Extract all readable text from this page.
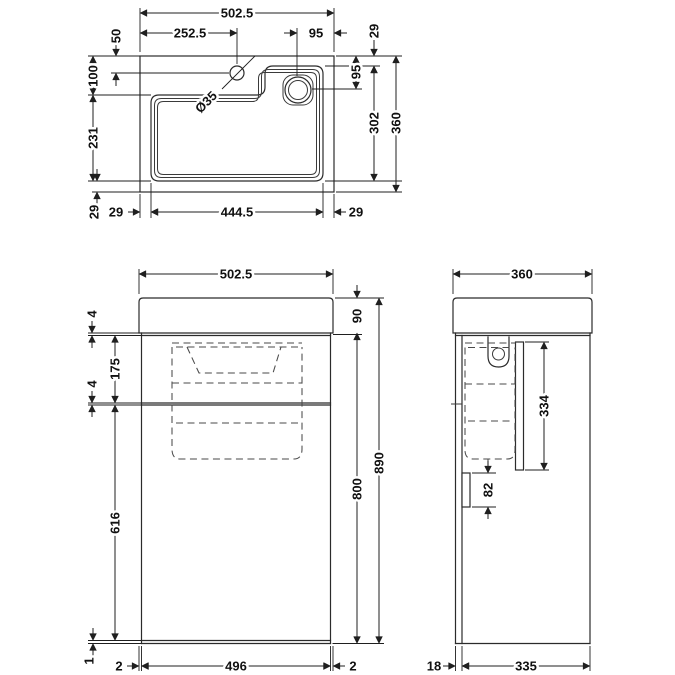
Ø35
502.5
252.5	95	29
95
302 360
50
100
231
29 29	444.5	29
502.5
90
800
890
4
175
4
616
1 2	496	2
360
334
82
18	335
